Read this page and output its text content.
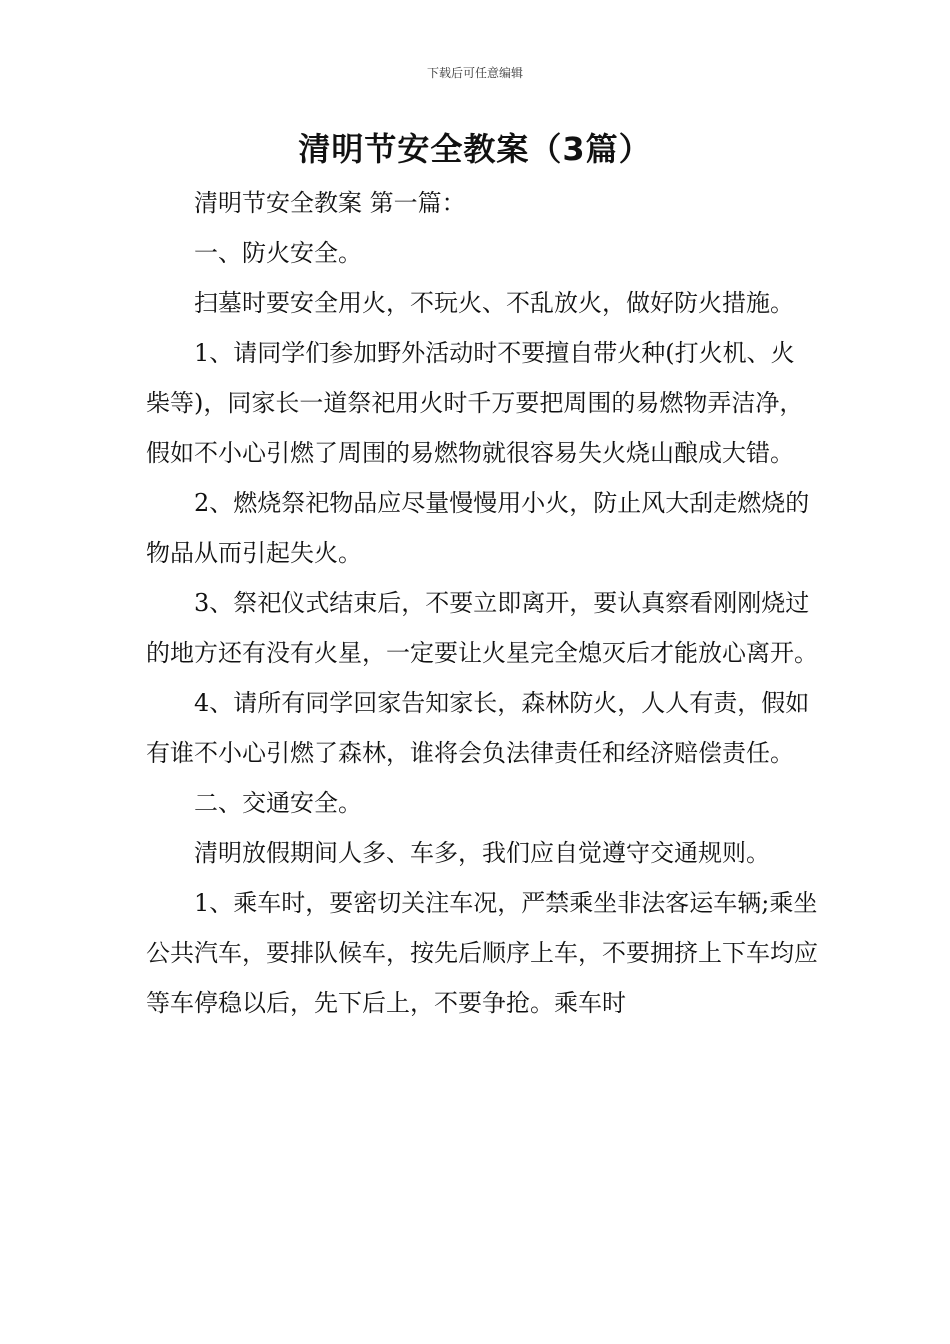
下载后可任意编辑
清明节安全教案（3篇）

清明节安全教案 第一篇：

一、防火安全。

扫墓时要安全用火，不玩火、不乱放火，做好防火措施。

1、请同学们参加野外活动时不要擅自带火种(打火机、火柴等)，同家长一道祭祀用火时千万要把周围的易燃物弄洁净，假如不小心引燃了周围的易燃物就很容易失火烧山酿成大错。

2、燃烧祭祀物品应尽量慢慢用小火，防止风大刮走燃烧的物品从而引起失火。

3、祭祀仪式结束后，不要立即离开，要认真察看刚刚烧过的地方还有没有火星，一定要让火星完全熄灭后才能放心离开。

4、请所有同学回家告知家长，森林防火，人人有责，假如有谁不小心引燃了森林，谁将会负法律责任和经济赔偿责任。

二、交通安全。

清明放假期间人多、车多，我们应自觉遵守交通规则。

1、乘车时，要密切关注车况，严禁乘坐非法客运车辆;乘坐公共汽车，要排队候车，按先后顺序上车，不要拥挤上下车均应等车停稳以后，先下后上，不要争抢。乘车时
